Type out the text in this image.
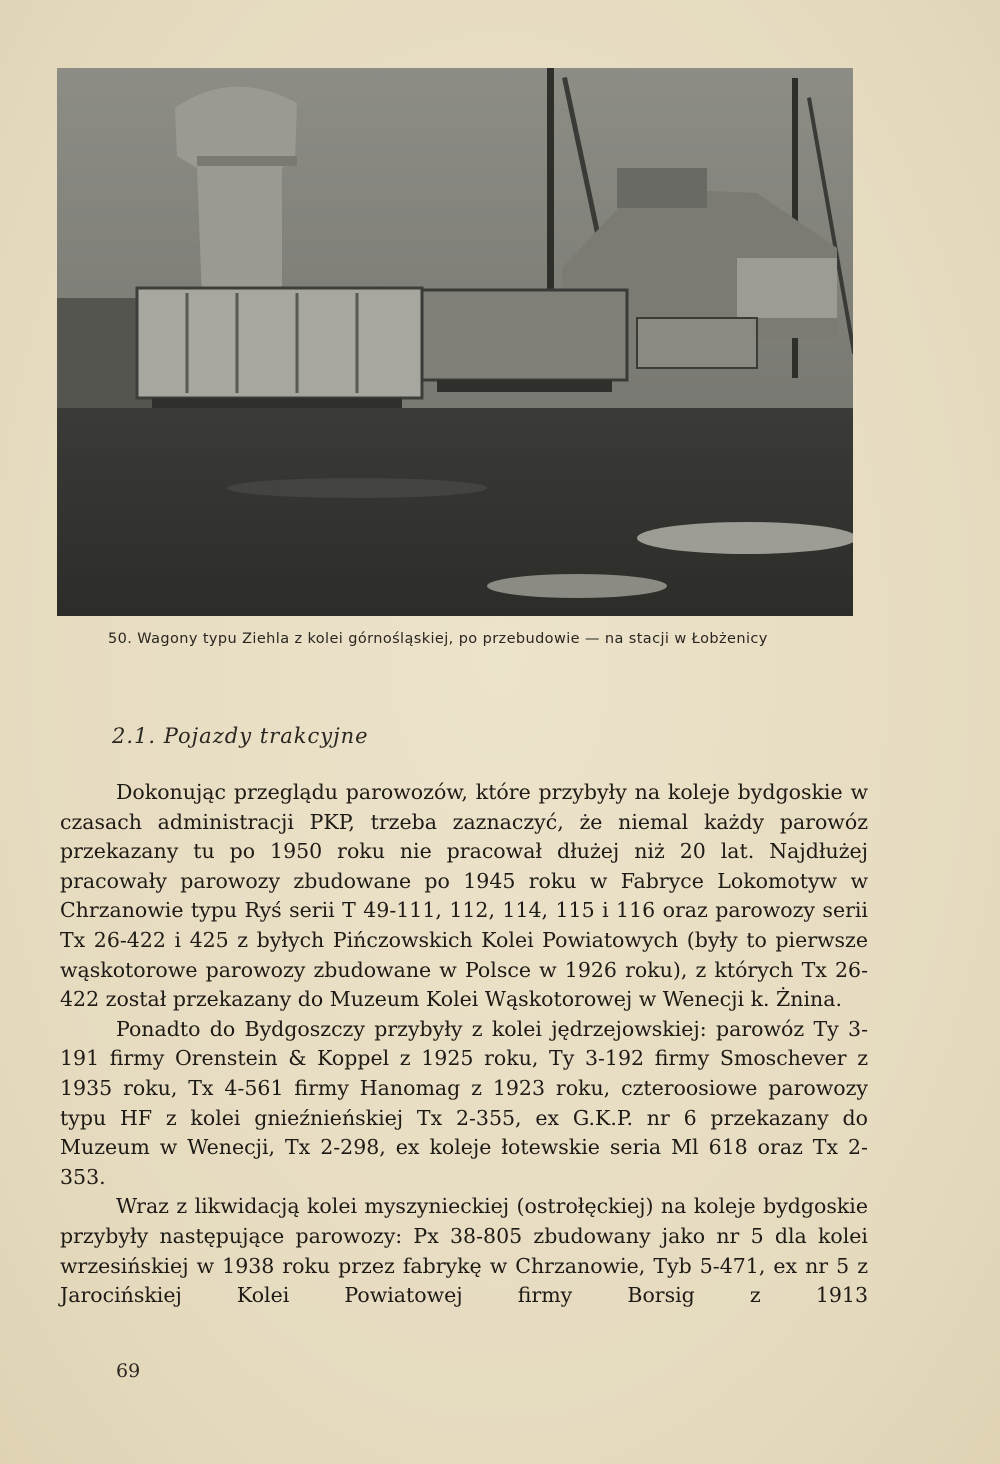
50. Wagony typu Ziehla z kolei górnośląskiej, po przebudowie — na stacji w Łobżenicy
2.1. Pojazdy trakcyjne

Dokonując przeglądu parowozów, które przybyły na koleje bydgoskie w czasach administracji PKP, trzeba zaznaczyć, że niemal każdy parowóz przekazany tu po 1950 roku nie pracował dłużej niż 20 lat. Najdłużej pracowały parowozy zbudowane po 1945 roku w Fabryce Lokomotyw w Chrzanowie typu Ryś serii T 49-111, 112, 114, 115 i 116 oraz parowozy serii Tx 26-422 i 425 z byłych Pińczowskich Kolei Powiatowych (były to pierwsze wąskotorowe parowozy zbudowane w Polsce w 1926 roku), z których Tx 26-422 został przekazany do Muzeum Kolei Wąskotorowej w Wenecji k. Żnina.

Ponadto do Bydgoszczy przybyły z kolei jędrzejowskiej: parowóz Ty 3-191 firmy Orenstein & Koppel z 1925 roku, Ty 3-192 firmy Smoschever z 1935 roku, Tx 4-561 firmy Hanomag z 1923 roku, czteroosiowe parowozy typu HF z kolei gnieźnieńskiej Tx 2-355, ex G.K.P. nr 6 przekazany do Muzeum w Wenecji, Tx 2-298, ex koleje łotewskie seria Ml 618 oraz Tx 2-353.

Wraz z likwidacją kolei myszynieckiej (ostrołęckiej) na koleje bydgoskie przybyły następujące parowozy: Px 38-805 zbudowany jako nr 5 dla kolei wrzesińskiej w 1938 roku przez fabrykę w Chrzanowie, Tyb 5-471, ex nr 5 z Jarocińskiej Kolei Powiatowej firmy Borsig z 1913

69
